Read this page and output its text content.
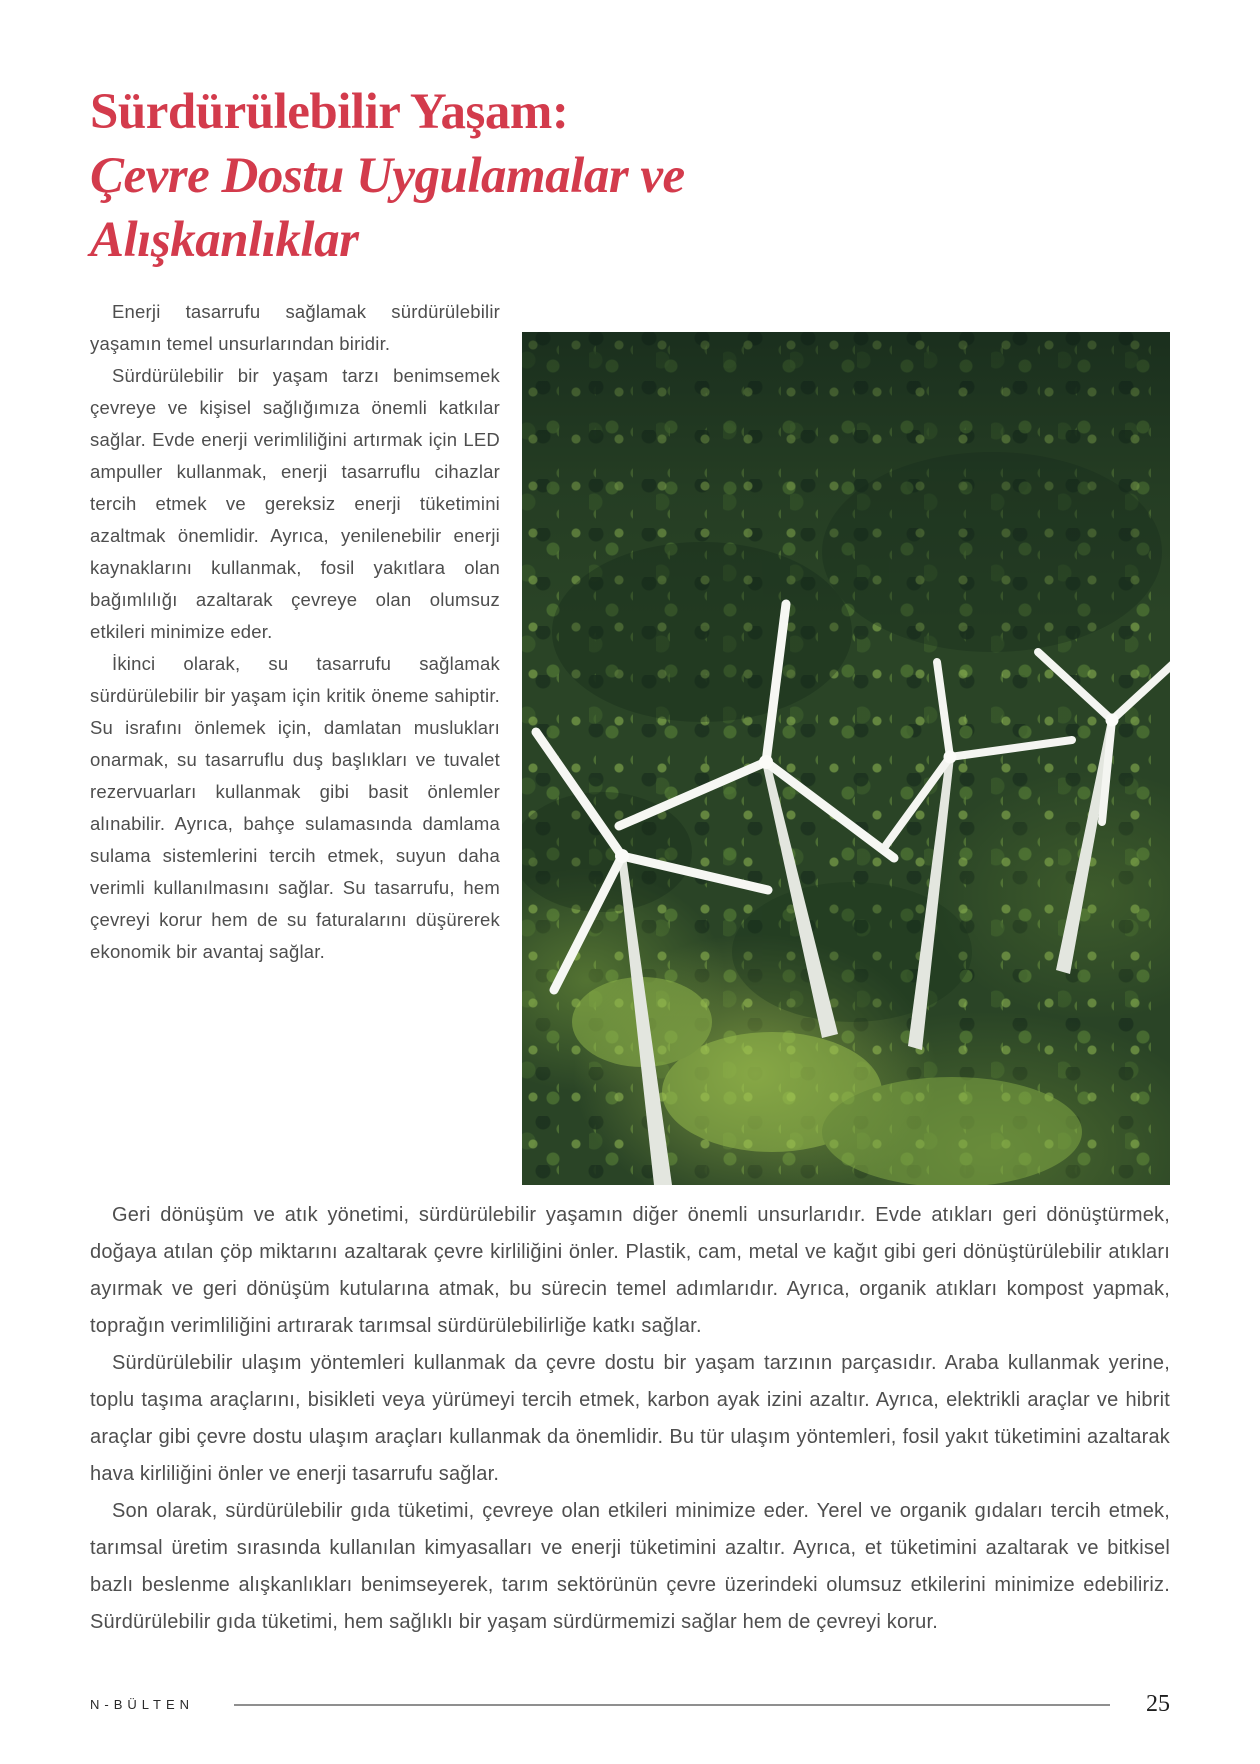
Sürdürülebilir Yaşam:
Çevre Dostu Uygulamalar ve
Alışkanlıklar

Enerji tasarrufu sağlamak sürdürülebilir yaşamın temel unsurlarından biridir.

Sürdürülebilir bir yaşam tarzı benimsemek çevreye ve kişisel sağlığımıza önemli katkılar sağlar. Evde enerji verimliliğini artırmak için LED ampuller kullanmak, enerji tasarruflu cihazlar tercih etmek ve gereksiz enerji tüketimini azaltmak önemlidir. Ayrıca, yenilenebilir enerji kaynaklarını kullanmak, fosil yakıtlara olan bağımlılığı azaltarak çevreye olan olumsuz etkileri minimize eder.

İkinci olarak, su tasarrufu sağlamak sürdürülebilir bir yaşam için kritik öneme sahiptir. Su israfını önlemek için, damlatan muslukları onarmak, su tasarruflu duş başlıkları ve tuvalet rezervuarları kullanmak gibi basit önlemler alınabilir. Ayrıca, bahçe sulamasında damlama sulama sistemlerini tercih etmek, suyun daha verimli kullanılmasını sağlar. Su tasarrufu, hem çevreyi korur hem de su faturalarını düşürerek ekonomik bir avantaj sağlar.

Geri dönüşüm ve atık yönetimi, sürdürülebilir yaşamın diğer önemli unsurlarıdır. Evde atıkları geri dönüştürmek, doğaya atılan çöp miktarını azaltarak çevre kirliliğini önler. Plastik, cam, metal ve kağıt gibi geri dönüştürülebilir atıkları ayırmak ve geri dönüşüm kutularına atmak, bu sürecin temel adımlarıdır. Ayrıca, organik atıkları kompost yapmak, toprağın verimliliğini artırarak tarımsal sürdürülebilirliğe katkı sağlar.

Sürdürülebilir ulaşım yöntemleri kullanmak da çevre dostu bir yaşam tarzının parçasıdır. Araba kullanmak yerine, toplu taşıma araçlarını, bisikleti veya yürümeyi tercih etmek, karbon ayak izini azaltır. Ayrıca, elektrikli araçlar ve hibrit araçlar gibi çevre dostu ulaşım araçları kullanmak da önemlidir. Bu tür ulaşım yöntemleri, fosil yakıt tüketimini azaltarak hava kirliliğini önler ve enerji tasarrufu sağlar.

Son olarak, sürdürülebilir gıda tüketimi, çevreye olan etkileri minimize eder. Yerel ve organik gıdaları tercih etmek, tarımsal üretim sırasında kullanılan kimyasalları ve enerji tüketimini azaltır. Ayrıca, et tüketimini azaltarak ve bitkisel bazlı beslenme alışkanlıkları benimseyerek, tarım sektörünün çevre üzerindeki olumsuz etkilerini minimize edebiliriz. Sürdürülebilir gıda tüketimi, hem sağlıklı bir yaşam sürdürmemizi sağlar hem de çevreyi korur.

N-BÜLTEN	25
